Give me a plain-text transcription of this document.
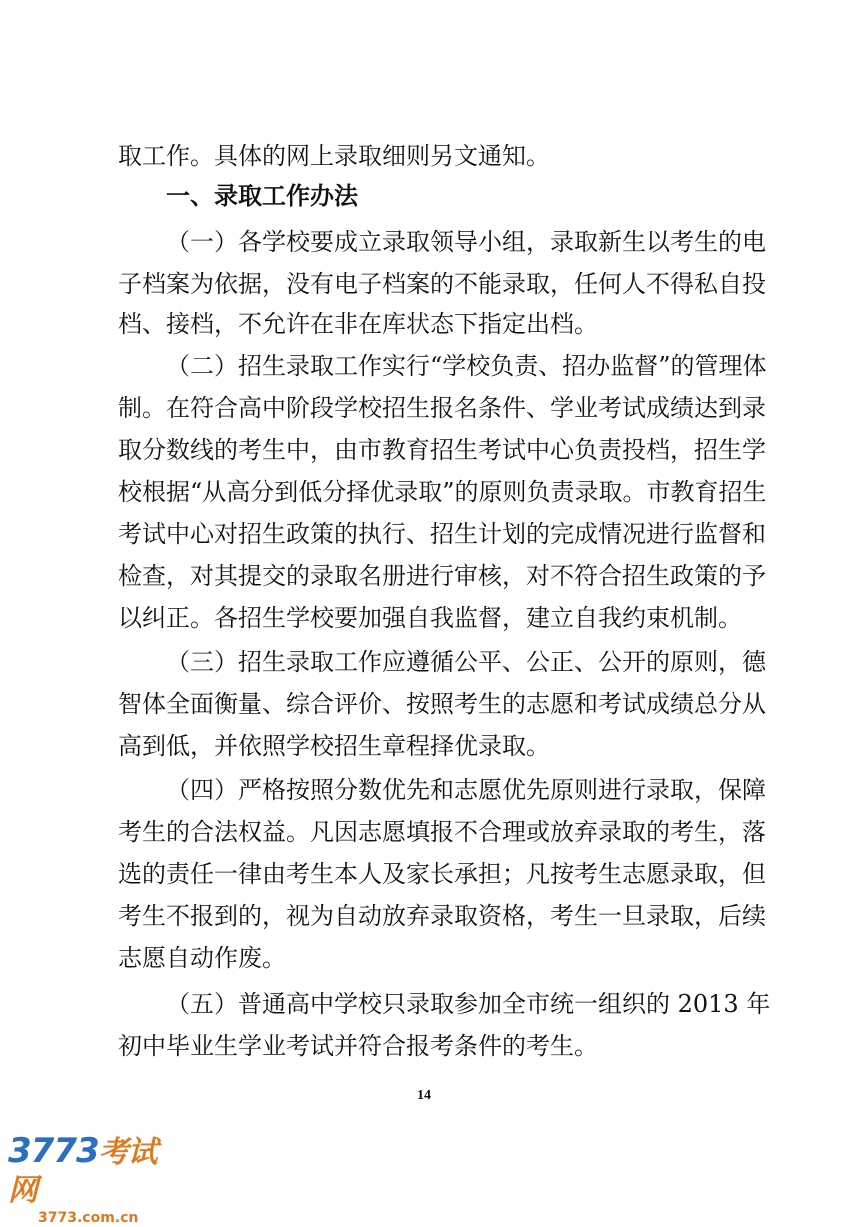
取工作。具体的网上录取细则另文通知。
一、录取工作办法
（一）各学校要成立录取领导小组，录取新生以考生的电
子档案为依据，没有电子档案的不能录取，任何人不得私自投
档、接档，不允许在非在库状态下指定出档。
（二）招生录取工作实行“学校负责、招办监督”的管理体
制。在符合高中阶段学校招生报名条件、学业考试成绩达到录
取分数线的考生中，由市教育招生考试中心负责投档，招生学
校根据“从高分到低分择优录取”的原则负责录取。市教育招生
考试中心对招生政策的执行、招生计划的完成情况进行监督和
检查，对其提交的录取名册进行审核，对不符合招生政策的予
以纠正。各招生学校要加强自我监督，建立自我约束机制。
（三）招生录取工作应遵循公平、公正、公开的原则，德
智体全面衡量、综合评价、按照考生的志愿和考试成绩总分从
高到低，并依照学校招生章程择优录取。
（四）严格按照分数优先和志愿优先原则进行录取，保障
考生的合法权益。凡因志愿填报不合理或放弃录取的考生，落
选的责任一律由考生本人及家长承担；凡按考生志愿录取，但
考生不报到的，视为自动放弃录取资格，考生一旦录取，后续
志愿自动作废。
（五）普通高中学校只录取参加全市统一组织的 2013 年
初中毕业生学业考试并符合报考条件的考生。
14
3773考试网
3773.com.cn
